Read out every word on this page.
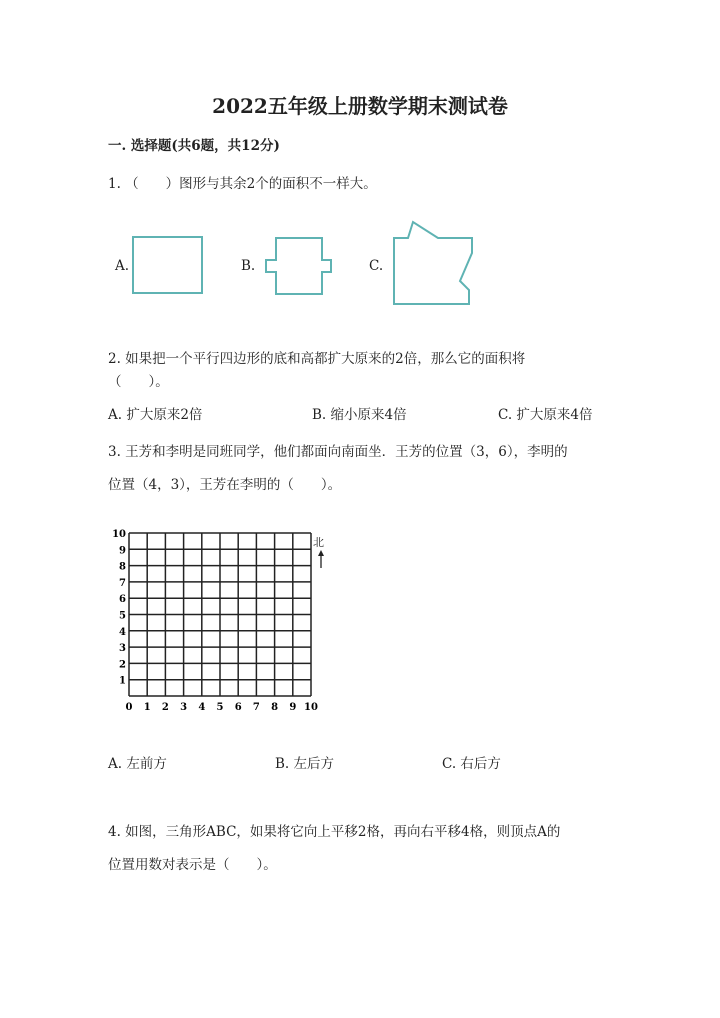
2022五年级上册数学期末测试卷
一. 选择题(共6题，共12分)
1. （　　）图形与其余2个的面积不一样大。
A.	B.	C.
2. 如果把一个平行四边形的底和高都扩大原来的2倍，那么它的面积将
（　　）。
A. 扩大原来2倍	B. 缩小原来4倍	C. 扩大原来4倍
3. 王芳和李明是同班同学，他们都面向南面坐．王芳的位置（3，6），李明的
位置（4，3），王芳在李明的（　　）。
0 1 2 3 4 5 6 7 8 9 10
1
2
3
4
5
6
7
8
9
10
北
A. 左前方	B. 左后方	C. 右后方
4. 如图，三角形ABC，如果将它向上平移2格，再向右平移4格，则顶点A的
位置用数对表示是（　　）。
